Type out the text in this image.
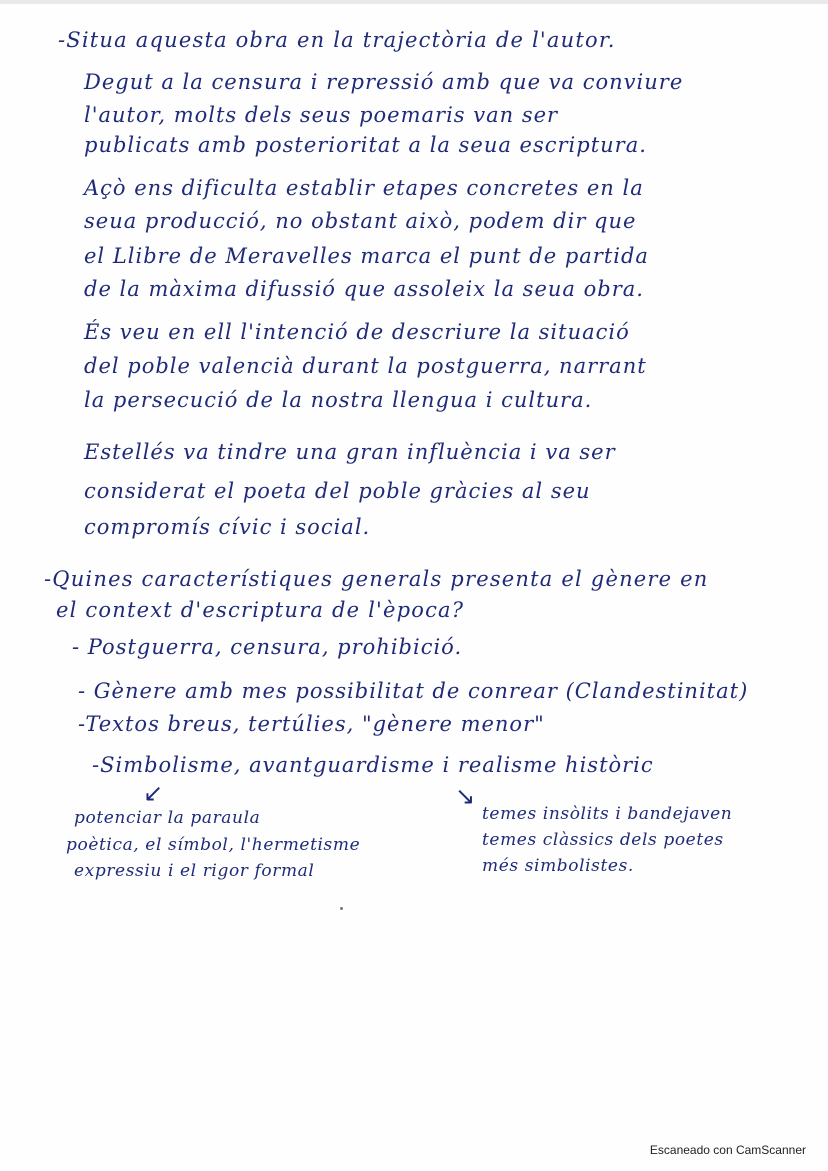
-Situa aquesta obra en la trajectòria de l'autor.
Degut a la censura i repressió amb que va conviure
l'autor, molts dels seus poemaris van ser
publicats amb posterioritat a la seua escriptura.
Açò ens dificulta establir etapes concretes en la
seua producció, no obstant això, podem dir que
el Llibre de Meravelles marca el punt de partida
de la màxima difussió que assoleix la seua obra.
És veu en ell l'intenció de descriure la situació
del poble valencià durant la postguerra, narrant
la persecució de la nostra llengua i cultura.
Estellés va tindre una gran influència i va ser
considerat el poeta del poble gràcies al seu
compromís cívic i social.
-Quines característiques generals presenta el gènere en
el context d'escriptura de l'època?
- Postguerra, censura, prohibició.
- Gènere amb mes possibilitat de conrear (Clandestinitat)
-Textos breus, tertúlies, "gènere menor"
-Simbolisme, avantguardisme i realisme històric
↙	↘
potenciar la paraula
poètica, el símbol, l'hermetisme
expressiu i el rigor formal
temes insòlits i bandejaven
temes clàssics dels poetes
més simbolistes.
Escaneado con CamScanner
